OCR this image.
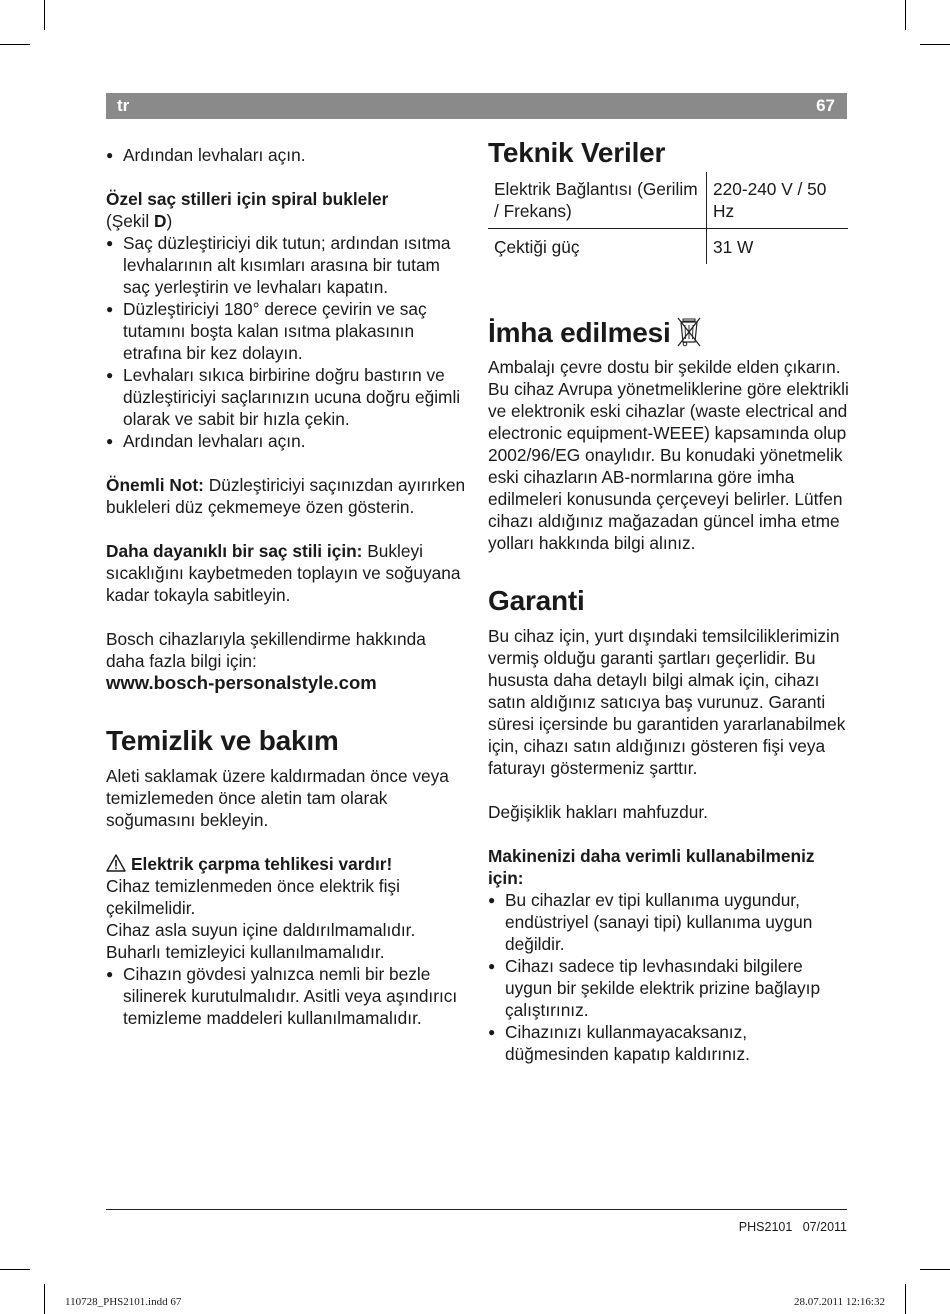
tr	67
● Ardından levhaları açın.

Özel saç stilleri için spiral bukleler

(Şekil D)

● Saç düzleştiriciyi dik tutun; ardından ısıtma levhalarının alt kısımları arasına bir tutam saç yerleştirin ve levhaları kapatın.
● Düzleştiriciyi 180° derece çevirin ve saç tutamını boşta kalan ısıtma plakasının etrafına bir kez dolayın.
● Levhaları sıkıca birbirine doğru bastırın ve düzleştiriciyi saçlarınızın ucuna doğru eğimli olarak ve sabit bir hızla çekin.
● Ardından levhaları açın.

Önemli Not: Düzleştiriciyi saçınızdan ayırırken bukleleri düz çekmemeye özen gösterin.

Daha dayanıklı bir saç stili için: Bukleyi sıcaklığını kaybetmeden toplayın ve soğuyana kadar tokayla sabitleyin.

Bosch cihazlarıyla şekillendirme hakkında daha fazla bilgi için:

www.bosch-personalstyle.com

Temizlik ve bakım

Aleti saklamak üzere kaldırmadan önce veya temizlemeden önce aletin tam olarak soğumasını bekleyin.

Elektrik çarpma tehlikesi vardır!

Cihaz temizlenmeden önce elektrik fişi çekilmelidir.

Cihaz asla suyun içine daldırılmamalıdır.

Buharlı temizleyici kullanılmamalıdır.

● Cihazın gövdesi yalnızca nemli bir bezle silinerek kurutulmalıdır. Asitli veya aşındırıcı temizleme maddeleri kullanılmamalıdır.
Teknik Veriler
Elektrik Bağlantısı (Gerilim / Frekans)	220-240 V / 50 Hz
Çektiği güç	31 W
İmha edilmesi

Ambalajı çevre dostu bir şekilde elden çıkarın. Bu cihaz Avrupa yönetmeliklerine göre elektrikli ve elektronik eski cihazlar (waste electrical and electronic equipment-WEEE) kapsamında olup 2002/96/EG onaylıdır. Bu konudaki yönetmelik eski cihazların AB-normlarına göre imha edilmeleri konusunda çerçeveyi belirler. Lütfen cihazı aldığınız mağazadan güncel imha etme yolları hakkında bilgi alınız.

Garanti

Bu cihaz için, yurt dışındaki temsilciliklerimizin vermiş olduğu garanti şartları geçerlidir. Bu hususta daha detaylı bilgi almak için, cihazı satın aldığınız satıcıya baş vurunuz. Garanti süresi içersinde bu garantiden yararlanabilmek için, cihazı satın aldığınızı gösteren fişi veya faturayı göstermeniz şarttır.

Değişiklik hakları mahfuzdur.

Makinenizi daha verimli kullanabilmeniz için:

● Bu cihazlar ev tipi kullanıma uygundur, endüstriyel (sanayi tipi) kullanıma uygun değildir.
● Cihazı sadece tip levhasındaki bilgilere uygun bir şekilde elektrik prizine bağlayıp çalıştırınız.
● Cihazınızı kullanmayacaksanız, düğmesinden kapatıp kaldırınız.
PHS2101 07/2011
110728_PHS2101.indd 67	28.07.2011 12:16:32
